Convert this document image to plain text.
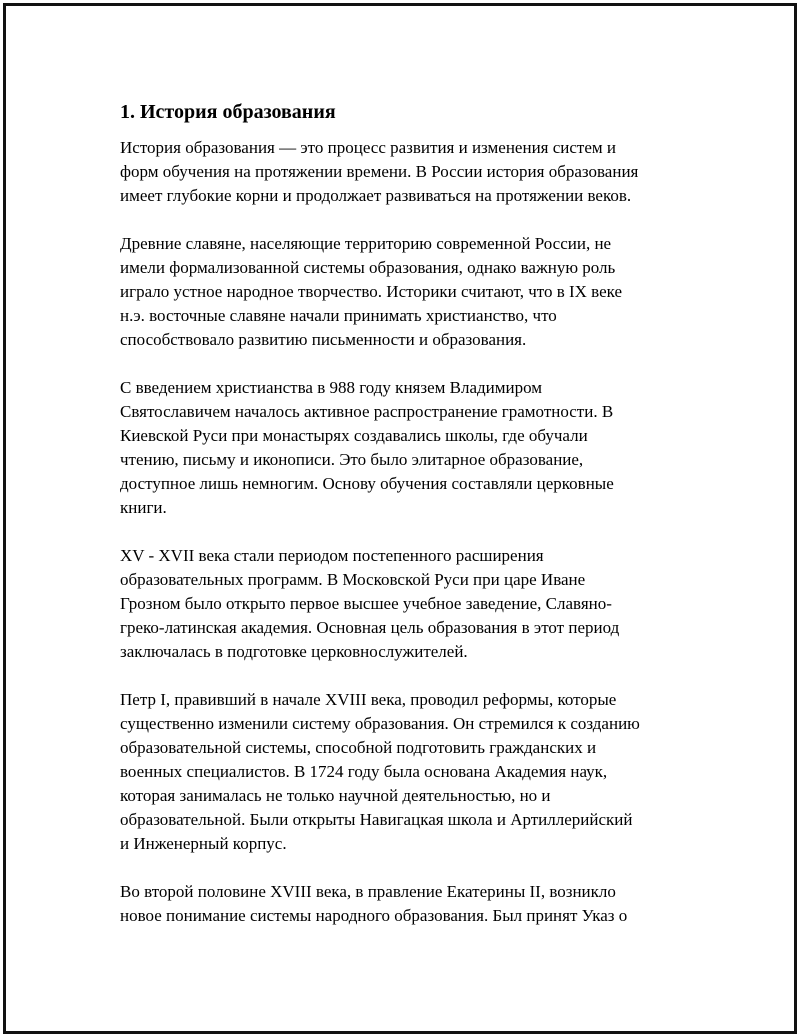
1. История образования

История образования — это процесс развития и изменения систем и
форм обучения на протяжении времени. В России история образования
имеет глубокие корни и продолжает развиваться на протяжении веков.

Древние славяне, населяющие территорию современной России, не
имели формализованной системы образования, однако важную роль
играло устное народное творчество. Историки считают, что в IX веке
н.э. восточные славяне начали принимать христианство, что
способствовало развитию письменности и образования.

С введением христианства в 988 году князем Владимиром
Святославичем началось активное распространение грамотности. В
Киевской Руси при монастырях создавались школы, где обучали
чтению, письму и иконописи. Это было элитарное образование,
доступное лишь немногим. Основу обучения составляли церковные
книги.

XV - XVII века стали периодом постепенного расширения
образовательных программ. В Московской Руси при царе Иване
Грозном было открыто первое высшее учебное заведение, Славяно-
греко-латинская академия. Основная цель образования в этот период
заключалась в подготовке церковнослужителей.

Петр I, правивший в начале XVIII века, проводил реформы, которые
существенно изменили систему образования. Он стремился к созданию
образовательной системы, способной подготовить гражданских и
военных специалистов. В 1724 году была основана Академия наук,
которая занималась не только научной деятельностью, но и
образовательной. Были открыты Навигацкая школа и Артиллерийский
и Инженерный корпус.

Во второй половине XVIII века, в правление Екатерины II, возникло
новое понимание системы народного образования. Был принят Указ о
